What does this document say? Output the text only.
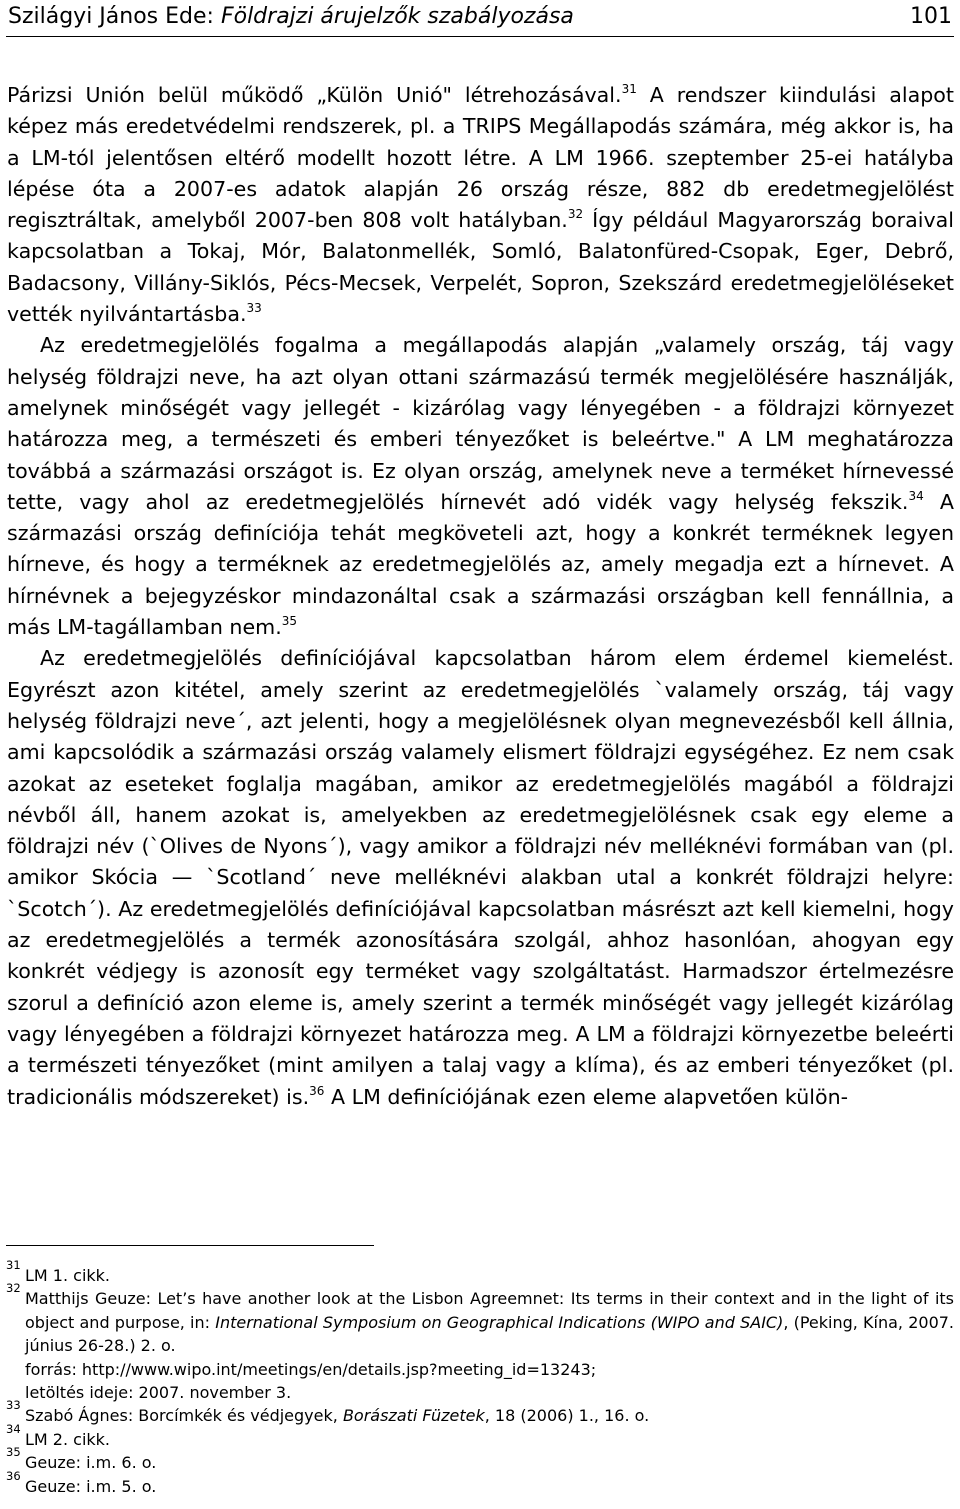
Szilágyi János Ede: Földrajzi árujelzők szabályozása	101

Párizsi Unión belül működő „Külön Unió" létrehozásával.$^{31}$ A rendszer kiindulási alapot képez más eredetvédelmi rendszerek, pl. a TRIPS Megállapodás számára, még akkor is, ha a LM-tól jelentősen eltérő modellt hozott létre. A LM 1966. szeptember 25-ei hatályba lépése óta a 2007-es adatok alapján 26 ország része, 882 db eredetmegjelölést regisztráltak, amelyből 2007-ben 808 volt hatályban.$^{32}$ Így például Magyarország boraival kapcsolatban a Tokaj, Mór, Balatonmellék, Somló, Balatonfüred-Csopak, Eger, Debrő, Badacsony, Villány-Siklós, Pécs-Mecsek, Verpelét, Sopron, Szekszárd eredetmegjelöléseket vették nyilvántartásba.$^{33}$

Az eredetmegjelölés fogalma a megállapodás alapján „valamely ország, táj vagy helység földrajzi neve, ha azt olyan ottani származású termék megjelölésére használják, amelynek minőségét vagy jellegét - kizárólag vagy lényegében - a földrajzi környezet határozza meg, a természeti és emberi tényezőket is beleértve." A LM meghatározza továbbá a származási országot is. Ez olyan ország, amelynek neve a terméket hírnevessé tette, vagy ahol az eredetmegjelölés hírnevét adó vidék vagy helység fekszik.$^{34}$ A származási ország definíciója tehát megköveteli azt, hogy a konkrét terméknek legyen hírneve, és hogy a terméknek az eredetmegjelölés az, amely megadja ezt a hírnevet. A hírnévnek a bejegyzéskor mindazonáltal csak a származási országban kell fennállnia, a más LM-tagállamban nem.$^{35}$

Az eredetmegjelölés definíciójával kapcsolatban három elem érdemel kiemelést. Egyrészt azon kitétel, amely szerint az eredetmegjelölés `valamely ország, táj vagy helység földrajzi neve´, azt jelenti, hogy a megjelölésnek olyan megnevezésből kell állnia, ami kapcsolódik a származási ország valamely elismert földrajzi egységéhez. Ez nem csak azokat az eseteket foglalja magában, amikor az eredetmegjelölés magából a földrajzi névből áll, hanem azokat is, amelyekben az eredetmegjelölésnek csak egy eleme a földrajzi név (`Olives de Nyons´), vagy amikor a földrajzi név melléknévi formában van (pl. amikor Skócia — `Scotland´ neve melléknévi alakban utal a konkrét földrajzi helyre: `Scotch´). Az eredetmegjelölés definíciójával kapcsolatban másrészt azt kell kiemelni, hogy az eredetmegjelölés a termék azonosítására szolgál, ahhoz hasonlóan, ahogyan egy konkrét védjegy is azonosít egy terméket vagy szolgáltatást. Harmadszor értelmezésre szorul a definíció azon eleme is, amely szerint a termék minőségét vagy jellegét kizárólag vagy lényegében a földrajzi környezet határozza meg. A LM a földrajzi környezetbe beleérti a természeti tényezőket (mint amilyen a talaj vagy a klíma), és az emberi tényezőket (pl. tradicionális módszereket) is.$^{36}$ A LM definíciójának ezen eleme alapvetően külön-

31
LM 1. cikk.
32
Matthijs Geuze: Let’s have another look at the Lisbon Agreemnet: Its terms in their context and in the light of its object and purpose, in: International Symposium on Geographical Indications (WIPO and SAIC), (Peking, Kína, 2007. június 26-28.) 2. o.
forrás: http://www.wipo.int/meetings/en/details.jsp?meeting_id=13243;
letöltés ideje: 2007. november 3.
33
Szabó Ágnes: Borcímkék és védjegyek, Borászati Füzetek, 18 (2006) 1., 16. o.
34
LM 2. cikk.
35
Geuze: i.m. 6. o.
36
Geuze: i.m. 5. o.
